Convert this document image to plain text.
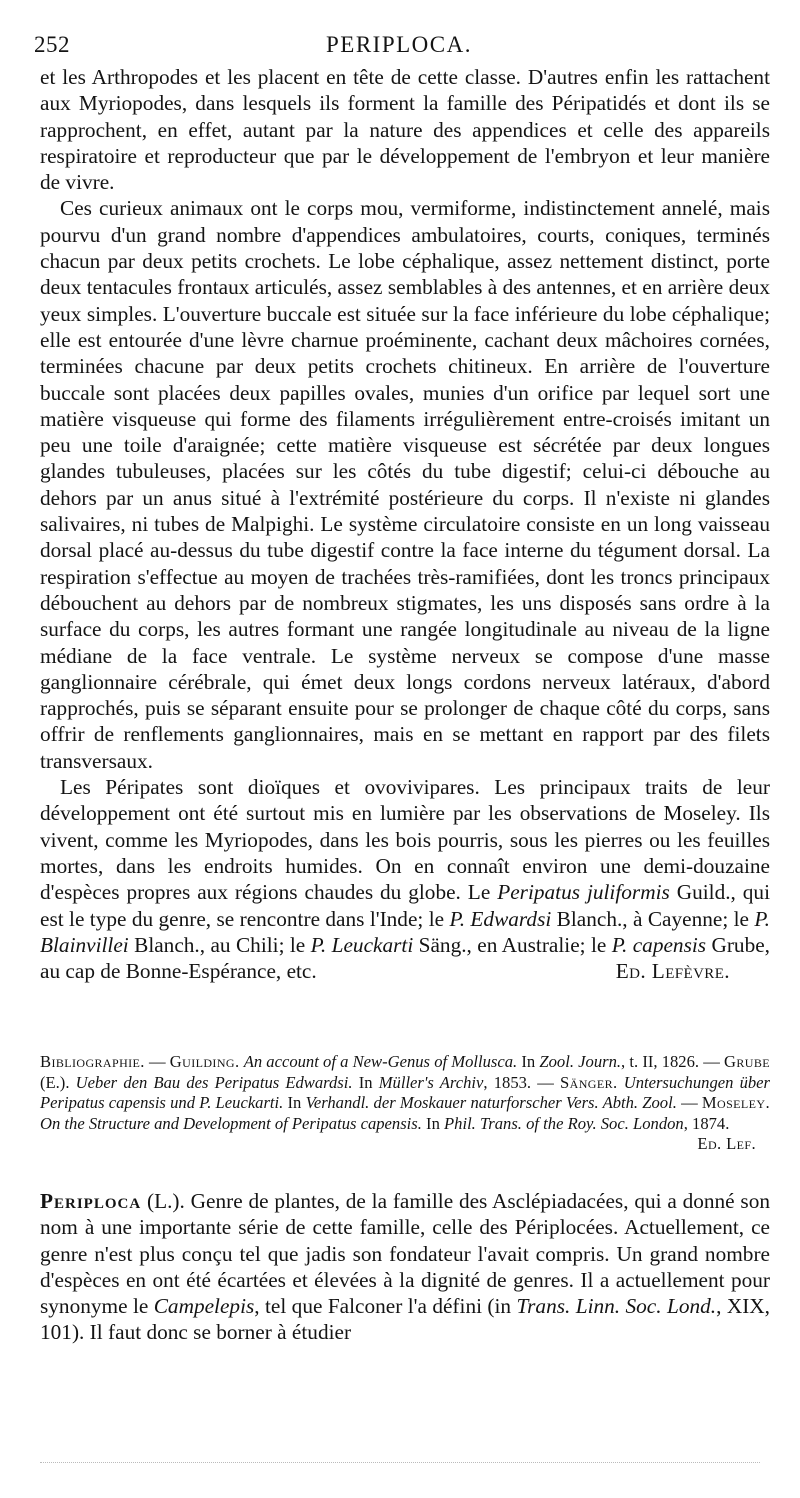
252	PERIPLOCA.

et les Arthropodes et les placent en tête de cette classe. D'autres enfin les rattachent aux Myriopodes, dans lesquels ils forment la famille des Péripatidés et dont ils se rapprochent, en effet, autant par la nature des appendices et celle des appareils respiratoire et reproducteur que par le développement de l'embryon et leur manière de vivre.

Ces curieux animaux ont le corps mou, vermiforme, indistinctement annelé, mais pourvu d'un grand nombre d'appendices ambulatoires, courts, coniques, terminés chacun par deux petits crochets. Le lobe céphalique, assez nettement distinct, porte deux tentacules frontaux articulés, assez semblables à des antennes, et en arrière deux yeux simples. L'ouverture buccale est située sur la face inférieure du lobe céphalique; elle est entourée d'une lèvre charnue proéminente, cachant deux mâchoires cornées, terminées chacune par deux petits crochets chitineux. En arrière de l'ouverture buccale sont placées deux papilles ovales, munies d'un orifice par lequel sort une matière visqueuse qui forme des filaments irrégulièrement entre-croisés imitant un peu une toile d'araignée; cette matière visqueuse est sécrétée par deux longues glandes tubuleuses, placées sur les côtés du tube digestif; celui-ci débouche au dehors par un anus situé à l'extrémité postérieure du corps. Il n'existe ni glandes salivaires, ni tubes de Malpighi. Le système circulatoire consiste en un long vaisseau dorsal placé au-dessus du tube digestif contre la face interne du tégument dorsal. La respiration s'effectue au moyen de trachées très-ramifiées, dont les troncs principaux débouchent au dehors par de nombreux stigmates, les uns disposés sans ordre à la surface du corps, les autres formant une rangée longitudinale au niveau de la ligne médiane de la face ventrale. Le système nerveux se compose d'une masse ganglionnaire cérébrale, qui émet deux longs cordons nerveux latéraux, d'abord rapprochés, puis se séparant ensuite pour se prolonger de chaque côté du corps, sans offrir de renflements ganglionnaires, mais en se mettant en rapport par des filets transversaux.

Les Péripates sont dioïques et ovovivipares. Les principaux traits de leur développement ont été surtout mis en lumière par les observations de Moseley. Ils vivent, comme les Myriopodes, dans les bois pourris, sous les pierres ou les feuilles mortes, dans les endroits humides. On en connaît environ une demi-douzaine d'espèces propres aux régions chaudes du globe. Le Peripatus juliformis Guild., qui est le type du genre, se rencontre dans l'Inde; le P. Edwardsi Blanch., à Cayenne; le P. Blainvillei Blanch., au Chili; le P. Leuckarti Säng., en Australie; le P. capensis Grube, au cap de Bonne-Espérance, etc.	Ed. Lefèvre.
Bibliographie. — Guilding. An account of a New-Genus of Mollusca. In Zool. Journ., t. II, 1826. — Grube (E.). Ueber den Bau des Peripatus Edwardsi. In Müller's Archiv, 1853. — Sänger. Untersuchungen über Peripatus capensis und P. Leuckarti. In Verhandl. der Moskauer naturforscher Vers. Abth. Zool. — Moseley. On the Structure and Development of Peripatus capensis. In Phil. Trans. of the Roy. Soc. London, 1874.
Ed. Lef.
Periploca (L.). Genre de plantes, de la famille des Asclépiadacées, qui a donné son nom à une importante série de cette famille, celle des Périplocées. Actuellement, ce genre n'est plus conçu tel que jadis son fondateur l'avait compris. Un grand nombre d'espèces en ont été écartées et élevées à la dignité de genres. Il a actuellement pour synonyme le Campelepis, tel que Falconer l'a défini (in Trans. Linn. Soc. Lond., XIX, 101). Il faut donc se borner à étudier
